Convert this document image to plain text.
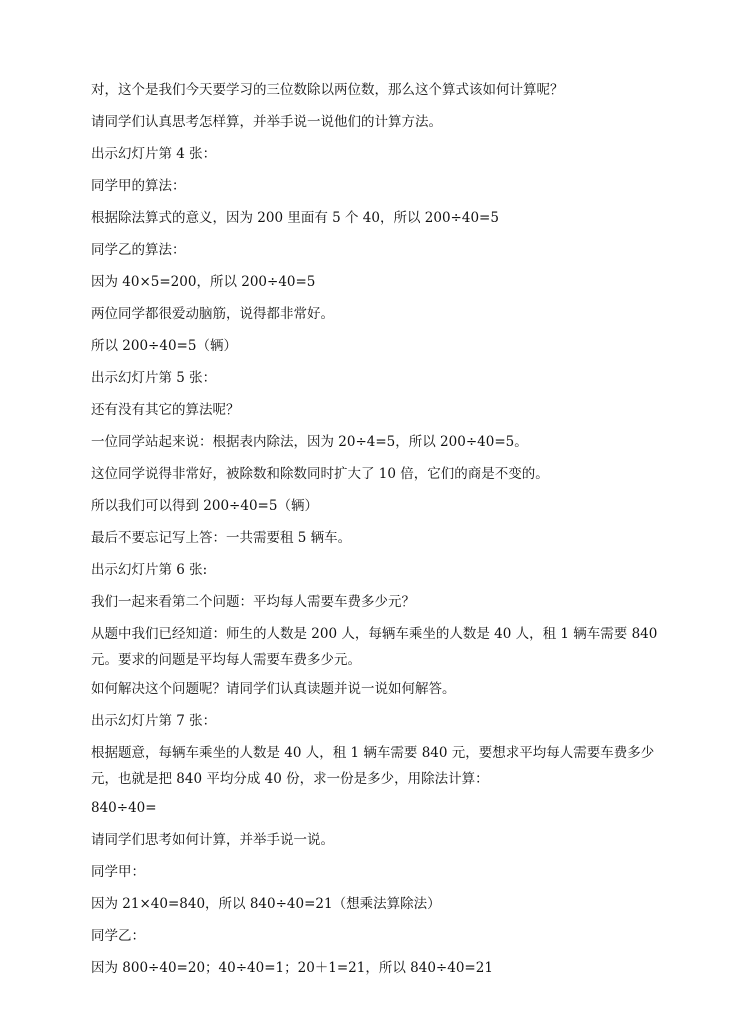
对，这个是我们今天要学习的三位数除以两位数，那么这个算式该如何计算呢？

请同学们认真思考怎样算，并举手说一说他们的计算方法。

出示幻灯片第 4 张：

同学甲的算法：

根据除法算式的意义，因为 200 里面有 5 个 40，所以 200÷40=5

同学乙的算法：

因为 40×5=200，所以 200÷40=5

两位同学都很爱动脑筋，说得都非常好。

所以 200÷40=5（辆）

出示幻灯片第 5 张：

还有没有其它的算法呢？

一位同学站起来说：根据表内除法，因为 20÷4=5，所以 200÷40=5。

这位同学说得非常好，被除数和除数同时扩大了 10 倍，它们的商是不变的。

所以我们可以得到 200÷40=5（辆）

最后不要忘记写上答：一共需要租 5 辆车。

出示幻灯片第 6 张:

我们一起来看第二个问题：平均每人需要车费多少元？

从题中我们已经知道：师生的人数是 200 人，每辆车乘坐的人数是 40 人，租 1 辆车需要 840 元。要求的问题是平均每人需要车费多少元。

如何解决这个问题呢？请同学们认真读题并说一说如何解答。

出示幻灯片第 7 张：

根据题意，每辆车乘坐的人数是 40 人，租 1 辆车需要 840 元，要想求平均每人需要车费多少元，也就是把 840 平均分成 40 份，求一份是多少，用除法计算：

840÷40=

请同学们思考如何计算，并举手说一说。

同学甲：

因为 21×40=840，所以 840÷40=21（想乘法算除法）

同学乙：

因为 800÷40=20；40÷40=1；20＋1=21，所以 840÷40=21
